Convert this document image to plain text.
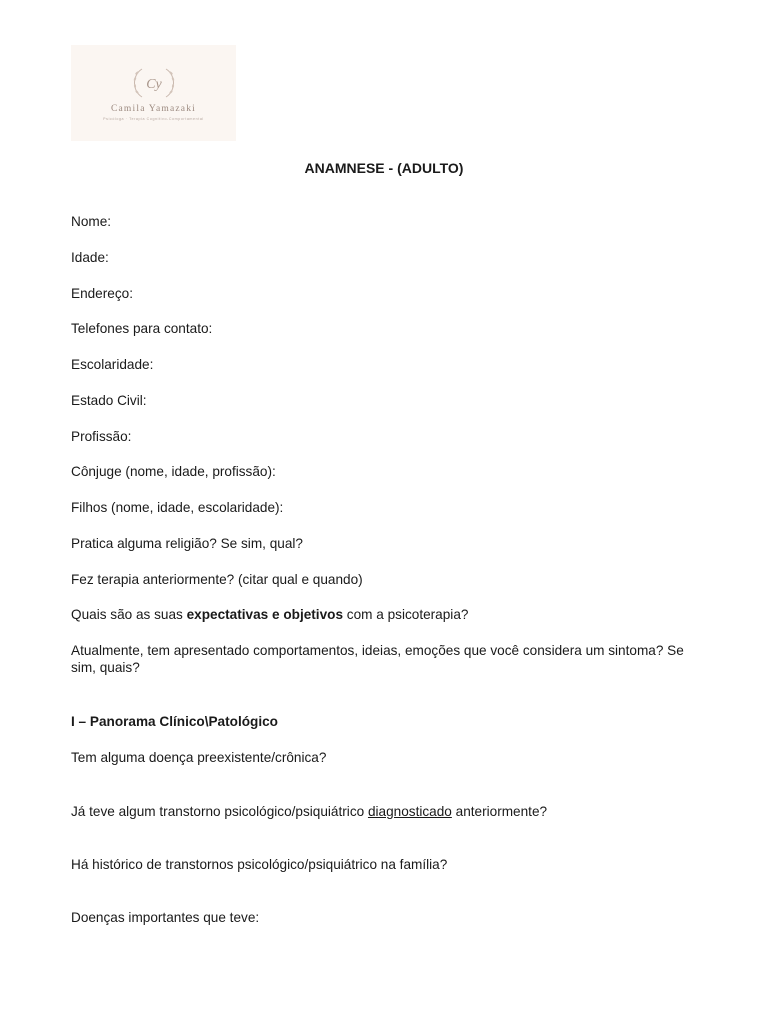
Cy
Camila Yamazaki
Psicóloga · Terapia Cognitivo-Comportamental
ANAMNESE - (ADULTO)
Nome:
Idade:
Endereço:
Telefones para contato:
Escolaridade:
Estado Civil:
Profissão:
Cônjuge (nome, idade, profissão):
Filhos (nome, idade, escolaridade):
Pratica alguma religião? Se sim, qual?
Fez terapia anteriormente? (citar qual e quando)
Quais são as suas expectativas e objetivos com a psicoterapia?
Atualmente, tem apresentado comportamentos, ideias, emoções que você considera um sintoma? Se sim, quais?
I – Panorama Clínico\Patológico
Tem alguma doença preexistente/crônica?
Já teve algum transtorno psicológico/psiquiátrico diagnosticado anteriormente?
Há histórico de transtornos psicológico/psiquiátrico na família?
Doenças importantes que teve:
